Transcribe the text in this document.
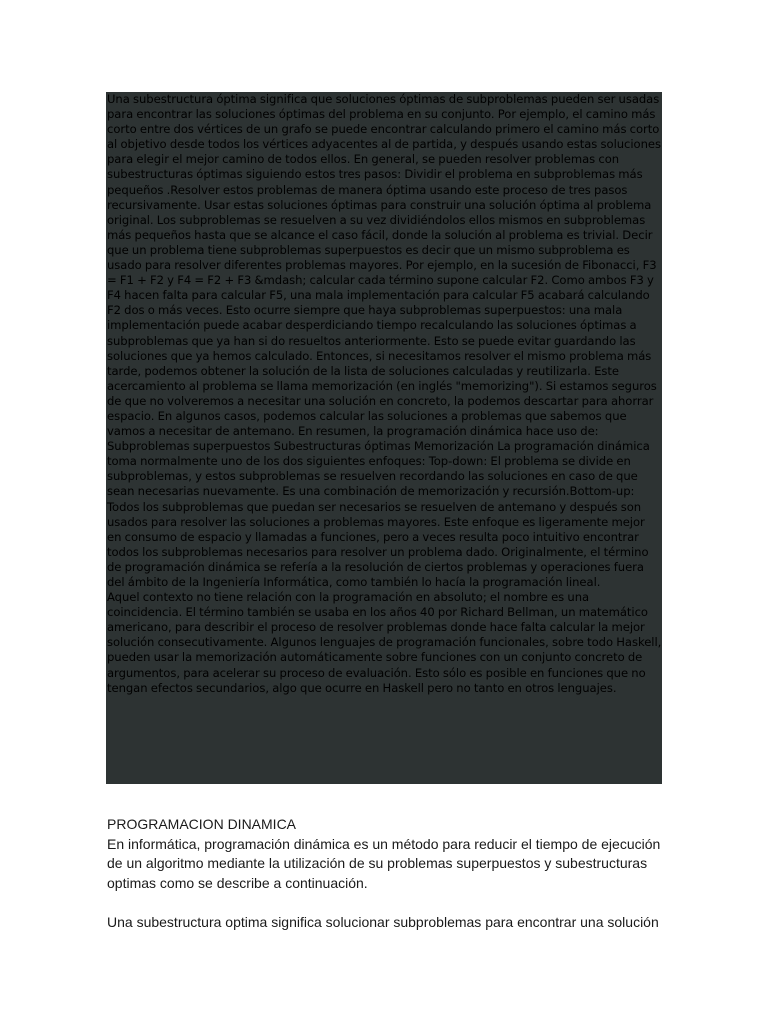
Una subestructura óptima significa que soluciones óptimas de subproblemas pueden ser usadas para encontrar las soluciones óptimas del problema en su conjunto. Por ejemplo, el camino más corto entre dos vértices de un grafo se puede encontrar calculando primero el camino más corto al objetivo desde todos los vértices adyacentes al de partida, y después usando estas soluciones para elegir el mejor camino de todos ellos. En general, se pueden resolver problemas con subestructuras óptimas siguiendo estos tres pasos: Dividir el problema en subproblemas más pequeños .Resolver estos problemas de manera óptima usando este proceso de tres pasos recursivamente. Usar estas soluciones óptimas para construir una solución óptima al problema original. Los subproblemas se resuelven a su vez dividiéndolos ellos mismos en subproblemas más pequeños hasta que se alcance el caso fácil, donde la solución al problema es trivial. Decir que un problema tiene subproblemas superpuestos es decir que un mismo subproblema es usado para resolver diferentes problemas mayores. Por ejemplo, en la sucesión de Fibonacci, F3 = F1 + F2 y F4 = F2 + F3 &mdash; calcular cada término supone calcular F2. Como ambos F3 y F4 hacen falta para calcular F5, una mala implementación para calcular F5 acabará calculando F2 dos o más veces. Esto ocurre siempre que haya subproblemas superpuestos: una mala implementación puede acabar desperdiciando tiempo recalculando las soluciones óptimas a subproblemas que ya han si do resueltos anteriormente. Esto se puede evitar guardando las soluciones que ya hemos calculado. Entonces, si necesitamos resolver el mismo problema más tarde, podemos obtener la solución de la lista de soluciones calculadas y reutilizarla. Este acercamiento al problema se llama memorización (en inglés "memorizing"). Si estamos seguros de que no volveremos a necesitar una solución en concreto, la podemos descartar para ahorrar espacio. En algunos casos, podemos calcular las soluciones a problemas que sabemos que vamos a necesitar de antemano. En resumen, la programación dinámica hace uso de: Subproblemas superpuestos Subestructuras óptimas Memorización La programación dinámica toma normalmente uno de los dos siguientes enfoques: Top-down: El problema se divide en subproblemas, y estos subproblemas se resuelven recordando las soluciones en caso de que sean necesarias nuevamente. Es una combinación de memorización y recursión.Bottom-up: Todos los subproblemas que puedan ser necesarios se resuelven de antemano y después son usados para resolver las soluciones a problemas mayores. Este enfoque es ligeramente mejor en consumo de espacio y llamadas a funciones, pero a veces resulta poco intuitivo encontrar todos los subproblemas necesarios para resolver un problema dado. Originalmente, el término de programación dinámica se refería a la resolución de ciertos problemas y operaciones fuera del ámbito de la Ingeniería Informática, como también lo hacía la programación lineal.

Aquel contexto no tiene relación con la programación en absoluto; el nombre es una coincidencia. El término también se usaba en los años 40 por Richard Bellman, un matemático americano, para describir el proceso de resolver problemas donde hace falta calcular la mejor solución consecutivamente. Algunos lenguajes de programación funcionales, sobre todo Haskell, pueden usar la memorización automáticamente sobre funciones con un conjunto concreto de argumentos, para acelerar su proceso de evaluación. Esto sólo es posible en funciones que no tengan efectos secundarios, algo que ocurre en Haskell pero no tanto en otros lenguajes.

PROGRAMACION DINAMICA

En informática, programación dinámica es un método para reducir el tiempo de ejecución

de un algoritmo mediante la utilización de su problemas superpuestos y subestructuras

optimas como se describe a continuación.

Una subestructura optima significa solucionar subproblemas para encontrar una solución
